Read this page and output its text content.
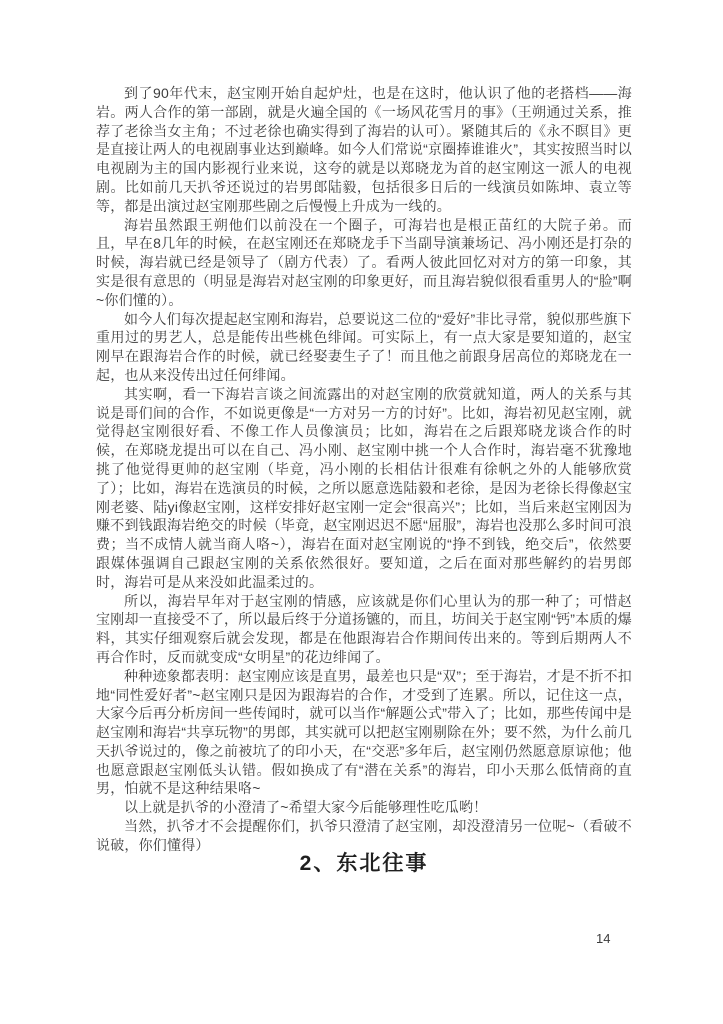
到了90年代末，赵宝刚开始自起炉灶，也是在这时，他认识了他的老搭档——海岩。两人合作的第一部剧，就是火遍全国的《一场风花雪月的事》（王朔通过关系，推荐了老徐当女主角；不过老徐也确实得到了海岩的认可）。紧随其后的《永不瞑目》更是直接让两人的电视剧事业达到巅峰。如今人们常说“京圈捧谁谁火”，其实按照当时以电视剧为主的国内影视行业来说，这夸的就是以郑晓龙为首的赵宝刚这一派人的电视剧。比如前几天扒爷还说过的岩男郎陆毅，包括很多日后的一线演员如陈坤、袁立等等，都是出演过赵宝刚那些剧之后慢慢上升成为一线的。

海岩虽然跟王朔他们以前没在一个圈子，可海岩也是根正苗红的大院子弟。而且，早在8几年的时候，在赵宝刚还在郑晓龙手下当副导演兼场记、冯小刚还是打杂的时候，海岩就已经是领导了（剧方代表）了。看两人彼此回忆对对方的第一印象，其实是很有意思的（明显是海岩对赵宝刚的印象更好，而且海岩貌似很看重男人的“脸”啊~你们懂的）。

如今人们每次提起赵宝刚和海岩，总要说这二位的“爱好”非比寻常，貌似那些旗下重用过的男艺人，总是能传出些桃色绯闻。可实际上，有一点大家是要知道的，赵宝刚早在跟海岩合作的时候，就已经娶妻生子了！而且他之前跟身居高位的郑晓龙在一起，也从来没传出过任何绯闻。

其实啊，看一下海岩言谈之间流露出的对赵宝刚的欣赏就知道，两人的关系与其说是哥们间的合作，不如说更像是“一方对另一方的讨好”。比如，海岩初见赵宝刚，就觉得赵宝刚很好看、不像工作人员像演员；比如，海岩在之后跟郑晓龙谈合作的时候，在郑晓龙提出可以在自己、冯小刚、赵宝刚中挑一个人合作时，海岩毫不犹豫地挑了他觉得更帅的赵宝刚（毕竟，冯小刚的长相估计很难有徐帆之外的人能够欣赏了）；比如，海岩在选演员的时候，之所以愿意选陆毅和老徐，是因为老徐长得像赵宝刚老婆、陆yi像赵宝刚，这样安排好赵宝刚一定会“很高兴”；比如，当后来赵宝刚因为赚不到钱跟海岩绝交的时候（毕竟，赵宝刚迟迟不愿“屈服”，海岩也没那么多时间可浪费；当不成情人就当商人咯~），海岩在面对赵宝刚说的“挣不到钱，绝交后”，依然要跟媒体强调自己跟赵宝刚的关系依然很好。要知道，之后在面对那些解约的岩男郎时，海岩可是从来没如此温柔过的。

所以，海岩早年对于赵宝刚的情感，应该就是你们心里认为的那一种了；可惜赵宝刚却一直接受不了，所以最后终于分道扬镳的，而且，坊间关于赵宝刚“钙”本质的爆料，其实仔细观察后就会发现，都是在他跟海岩合作期间传出来的。等到后期两人不再合作时，反而就变成“女明星”的花边绯闻了。

种种迹象都表明：赵宝刚应该是直男，最差也只是“双”；至于海岩，才是不折不扣地“同性爱好者”~赵宝刚只是因为跟海岩的合作，才受到了连累。所以，记住这一点，大家今后再分析房间一些传闻时，就可以当作“解题公式”带入了；比如，那些传闻中是赵宝刚和海岩“共享玩物”的男郎，其实就可以把赵宝刚剔除在外；要不然，为什么前几天扒爷说过的，像之前被坑了的印小天，在“交恶”多年后，赵宝刚仍然愿意原谅他；他也愿意跟赵宝刚低头认错。假如换成了有“潜在关系”的海岩，印小天那么低情商的直男，怕就不是这种结果咯~

以上就是扒爷的小澄清了~希望大家今后能够理性吃瓜哟！

当然，扒爷才不会提醒你们，扒爷只澄清了赵宝刚，却没澄清另一位呢~（看破不说破，你们懂得）

2、东北往事

14
